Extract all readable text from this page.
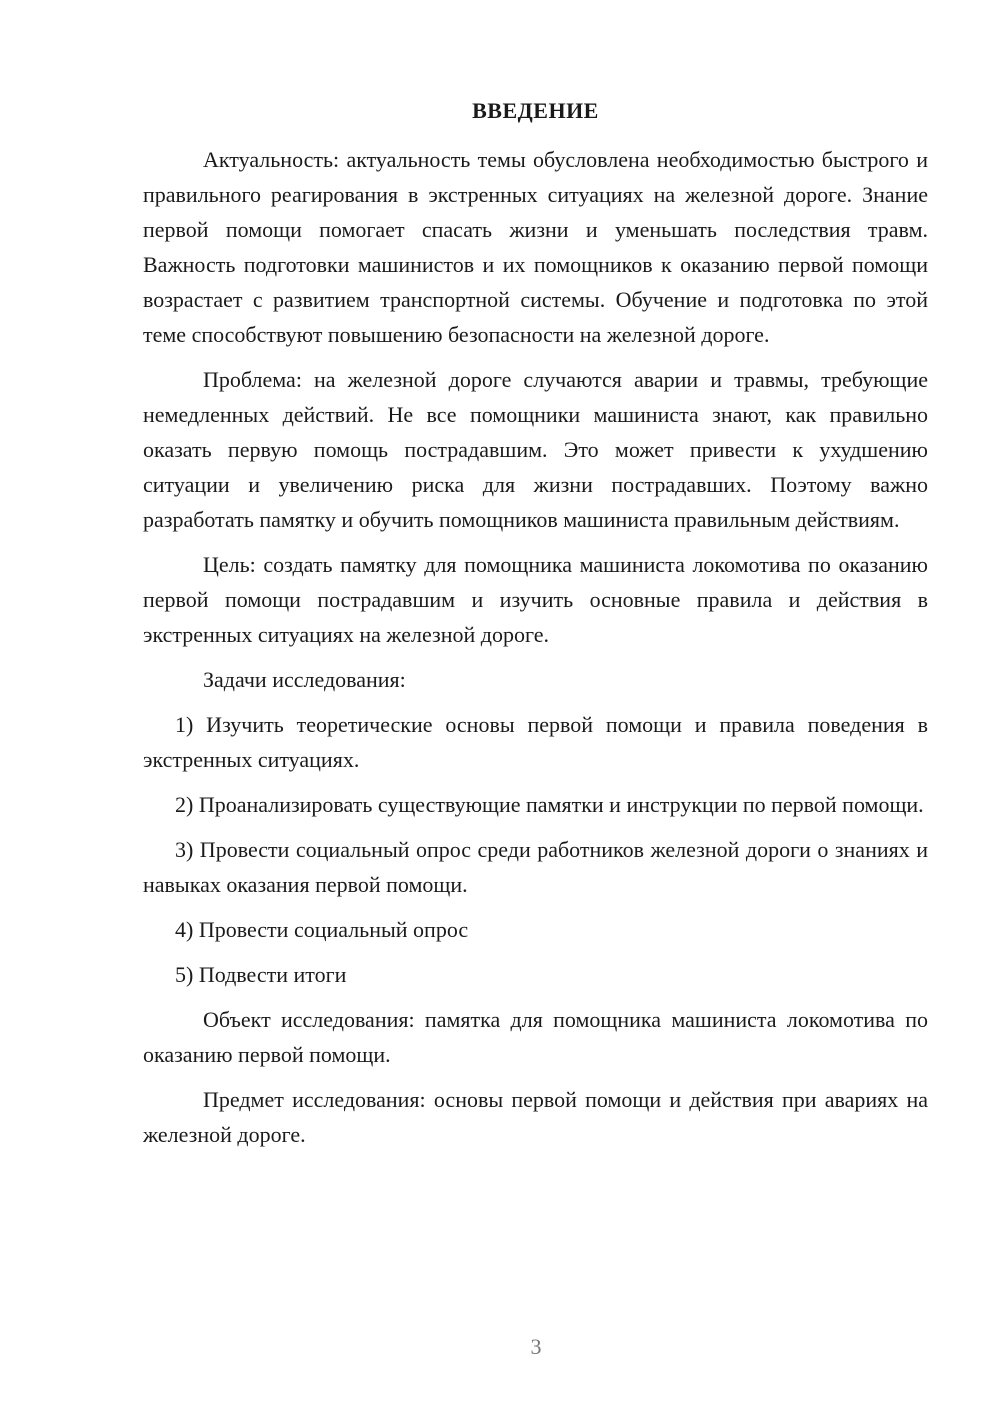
ВВЕДЕНИЕ

Актуальность: актуальность темы обусловлена необходимостью быстрого и правильного реагирования в экстренных ситуациях на железной дороге. Знание первой помощи помогает спасать жизни и уменьшать последствия травм. Важность подготовки машинистов и их помощников к оказанию первой помощи возрастает с развитием транспортной системы. Обучение и подготовка по этой теме способствуют повышению безопасности на железной дороге.

Проблема: на железной дороге случаются аварии и травмы, требующие немедленных действий. Не все помощники машиниста знают, как правильно оказать первую помощь пострадавшим. Это может привести к ухудшению ситуации и увеличению риска для жизни пострадавших. Поэтому важно разработать памятку и обучить помощников машиниста правильным действиям.

Цель: создать памятку для помощника машиниста локомотива по оказанию первой помощи пострадавшим и изучить основные правила и действия в экстренных ситуациях на железной дороге.

Задачи исследования:

1) Изучить теоретические основы первой помощи и правила поведения в экстренных ситуациях.
2) Проанализировать существующие памятки и инструкции по первой помощи.
3) Провести социальный опрос среди работников железной дороги о знаниях и навыках оказания первой помощи.
4) Провести социальный опрос
5) Подвести итоги

Объект исследования: памятка для помощника машиниста локомотива по оказанию первой помощи.

Предмет исследования: основы первой помощи и действия при авариях на железной дороге.

3
